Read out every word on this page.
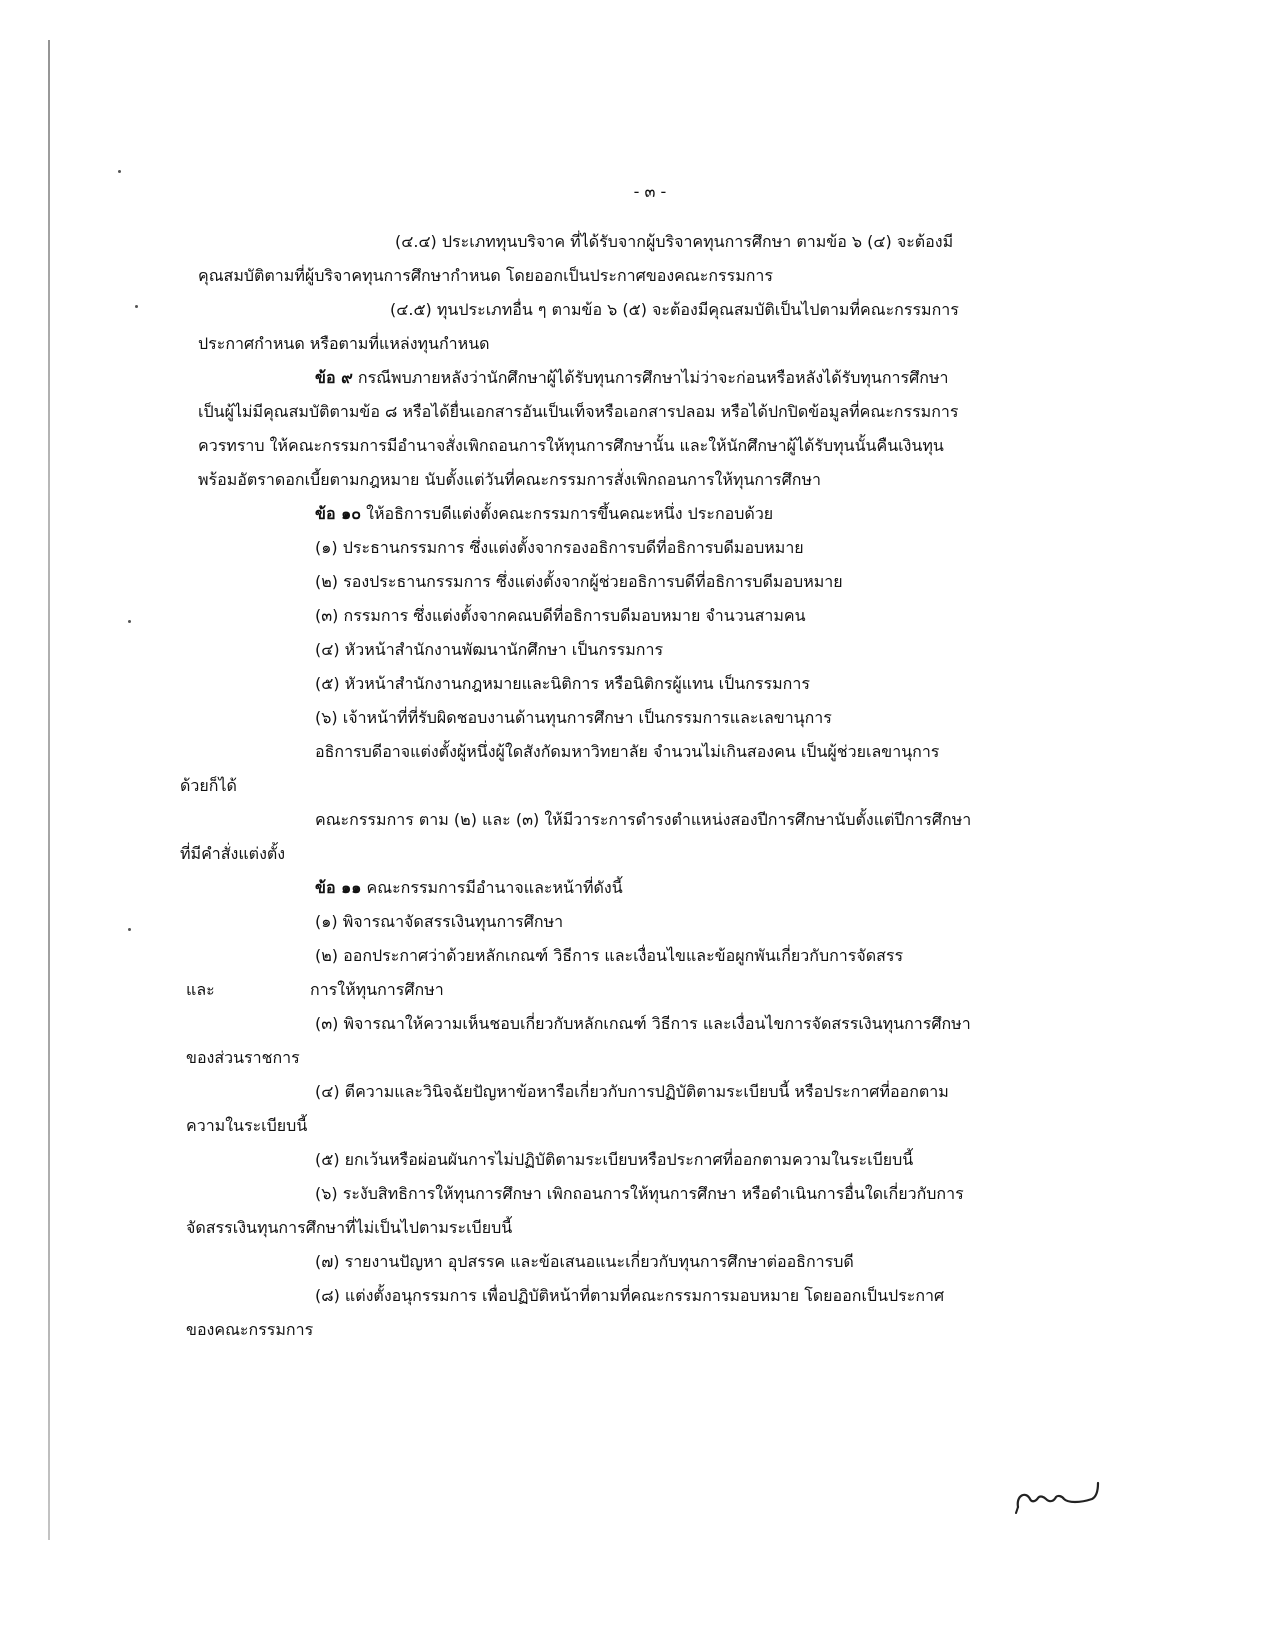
- ๓ -
(๔.๔) ประเภททุนบริจาค ที่ได้รับจากผู้บริจาคทุนการศึกษา ตามข้อ ๖ (๔) จะต้องมี
คุณสมบัติตามที่ผู้บริจาคทุนการศึกษากำหนด โดยออกเป็นประกาศของคณะกรรมการ
(๔.๕) ทุนประเภทอื่น ๆ ตามข้อ ๖ (๕) จะต้องมีคุณสมบัติเป็นไปตามที่คณะกรรมการ
ประกาศกำหนด หรือตามที่แหล่งทุนกำหนด
ข้อ ๙ กรณีพบภายหลังว่านักศึกษาผู้ได้รับทุนการศึกษาไม่ว่าจะก่อนหรือหลังได้รับทุนการศึกษา
เป็นผู้ไม่มีคุณสมบัติตามข้อ ๘ หรือได้ยื่นเอกสารอันเป็นเท็จหรือเอกสารปลอม หรือได้ปกปิดข้อมูลที่คณะกรรมการ
ควรทราบ ให้คณะกรรมการมีอำนาจสั่งเพิกถอนการให้ทุนการศึกษานั้น และให้นักศึกษาผู้ได้รับทุนนั้นคืนเงินทุน
พร้อมอัตราดอกเบี้ยตามกฎหมาย นับตั้งแต่วันที่คณะกรรมการสั่งเพิกถอนการให้ทุนการศึกษา
ข้อ ๑๐ ให้อธิการบดีแต่งตั้งคณะกรรมการขึ้นคณะหนึ่ง ประกอบด้วย
(๑) ประธานกรรมการ ซึ่งแต่งตั้งจากรองอธิการบดีที่อธิการบดีมอบหมาย
(๒) รองประธานกรรมการ ซึ่งแต่งตั้งจากผู้ช่วยอธิการบดีที่อธิการบดีมอบหมาย
(๓) กรรมการ ซึ่งแต่งตั้งจากคณบดีที่อธิการบดีมอบหมาย จำนวนสามคน
(๔) หัวหน้าสำนักงานพัฒนานักศึกษา เป็นกรรมการ
(๕) หัวหน้าสำนักงานกฎหมายและนิติการ หรือนิติกรผู้แทน เป็นกรรมการ
(๖) เจ้าหน้าที่ที่รับผิดชอบงานด้านทุนการศึกษา เป็นกรรมการและเลขานุการ
อธิการบดีอาจแต่งตั้งผู้หนึ่งผู้ใดสังกัดมหาวิทยาลัย จำนวนไม่เกินสองคน เป็นผู้ช่วยเลขานุการ
ด้วยก็ได้
คณะกรรมการ ตาม (๒) และ (๓) ให้มีวาระการดำรงตำแหน่งสองปีการศึกษานับตั้งแต่ปีการศึกษา
ที่มีคำสั่งแต่งตั้ง
ข้อ ๑๑ คณะกรรมการมีอำนาจและหน้าที่ดังนี้
(๑) พิจารณาจัดสรรเงินทุนการศึกษา
(๒) ออกประกาศว่าด้วยหลักเกณฑ์ วิธีการ และเงื่อนไขและข้อผูกพันเกี่ยวกับการจัดสรร
และ	การให้ทุนการศึกษา
(๓) พิจารณาให้ความเห็นชอบเกี่ยวกับหลักเกณฑ์ วิธีการ และเงื่อนไขการจัดสรรเงินทุนการศึกษา
ของส่วนราชการ
(๔) ตีความและวินิจฉัยปัญหาข้อหารือเกี่ยวกับการปฏิบัติตามระเบียบนี้ หรือประกาศที่ออกตาม
ความในระเบียบนี้
(๕) ยกเว้นหรือผ่อนผันการไม่ปฏิบัติตามระเบียบหรือประกาศที่ออกตามความในระเบียบนี้
(๖) ระงับสิทธิการให้ทุนการศึกษา เพิกถอนการให้ทุนการศึกษา หรือดำเนินการอื่นใดเกี่ยวกับการ
จัดสรรเงินทุนการศึกษาที่ไม่เป็นไปตามระเบียบนี้
(๗) รายงานปัญหา อุปสรรค และข้อเสนอแนะเกี่ยวกับทุนการศึกษาต่ออธิการบดี
(๘) แต่งตั้งอนุกรรมการ เพื่อปฏิบัติหน้าที่ตามที่คณะกรรมการมอบหมาย โดยออกเป็นประกาศ
ของคณะกรรมการ
